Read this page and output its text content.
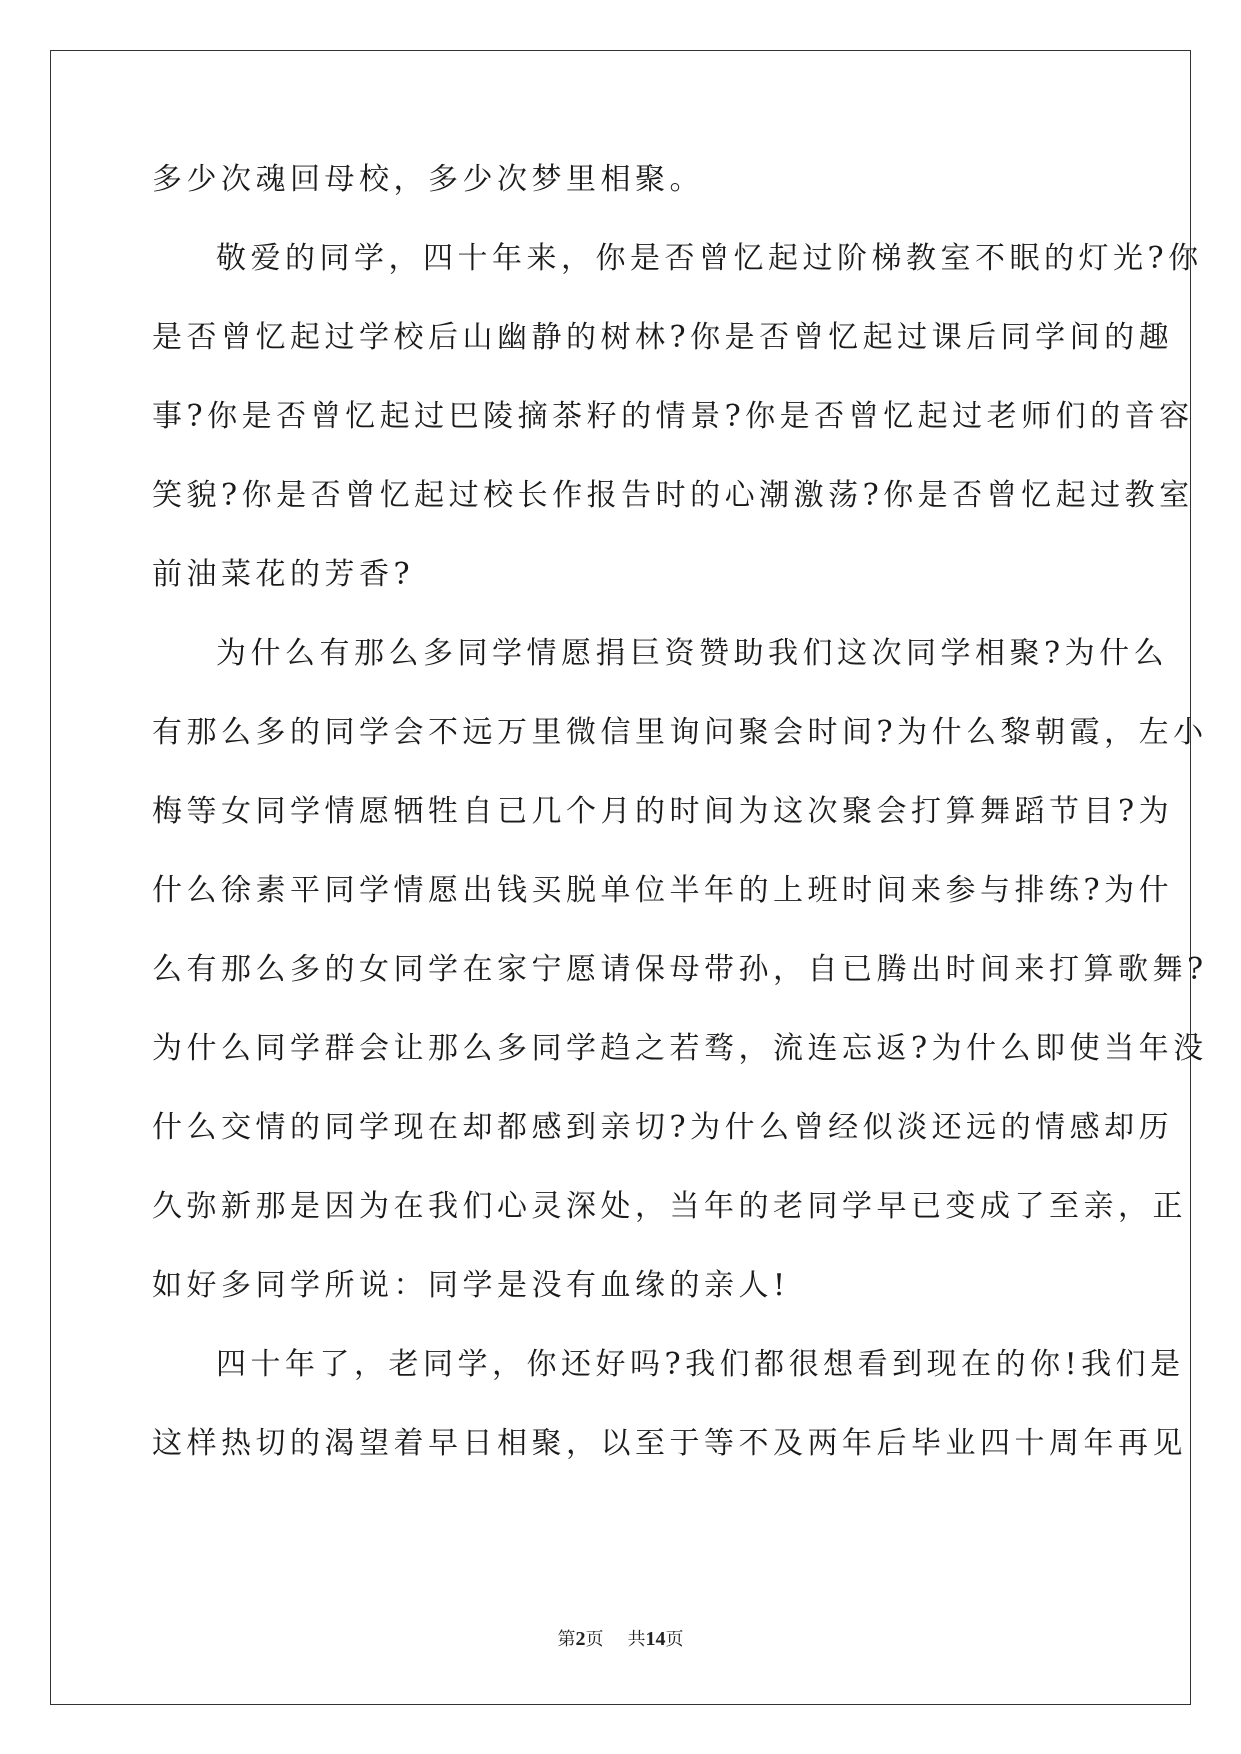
多少次魂回母校，多少次梦里相聚。
敬爱的同学，四十年来，你是否曾忆起过阶梯教室不眠的灯光?你
是否曾忆起过学校后山幽静的树林?你是否曾忆起过课后同学间的趣
事?你是否曾忆起过巴陵摘茶籽的情景?你是否曾忆起过老师们的音容
笑貌?你是否曾忆起过校长作报告时的心潮激荡?你是否曾忆起过教室
前油菜花的芳香?
为什么有那么多同学情愿捐巨资赞助我们这次同学相聚?为什么
有那么多的同学会不远万里微信里询问聚会时间?为什么黎朝霞，左小
梅等女同学情愿牺牲自已几个月的时间为这次聚会打算舞蹈节目?为
什么徐素平同学情愿出钱买脱单位半年的上班时间来参与排练?为什
么有那么多的女同学在家宁愿请保母带孙，自已腾出时间来打算歌舞?
为什么同学群会让那么多同学趋之若骛，流连忘返?为什么即使当年没
什么交情的同学现在却都感到亲切?为什么曾经似淡还远的情感却历
久弥新那是因为在我们心灵深处，当年的老同学早已变成了至亲，正
如好多同学所说：同学是没有血缘的亲人!
四十年了，老同学，你还好吗?我们都很想看到现在的你!我们是
这样热切的渴望着早日相聚，以至于等不及两年后毕业四十周年再见
第2页 共14页
